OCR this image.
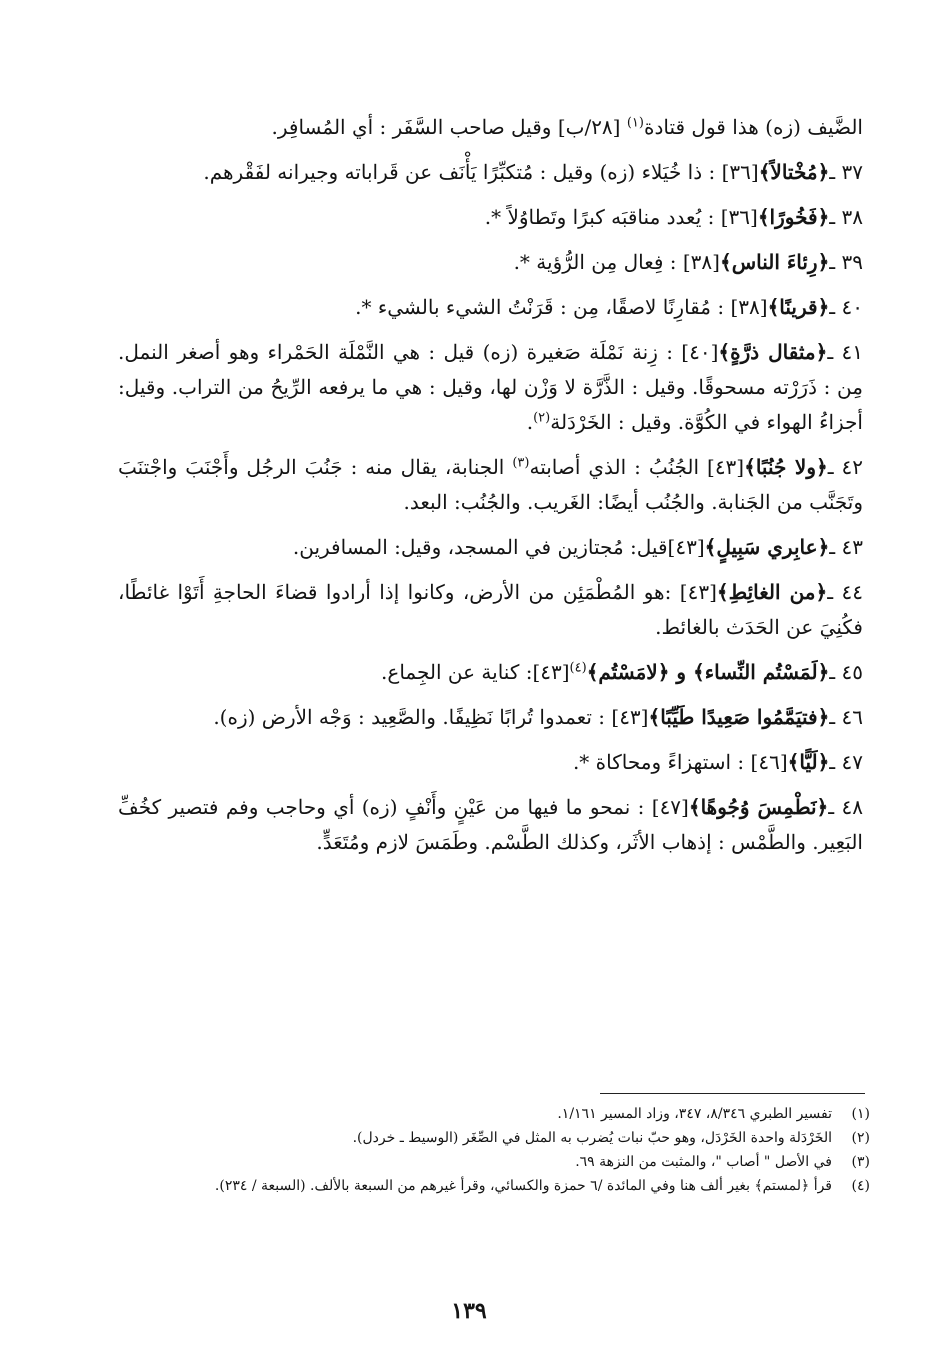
الضَّيف (زه) هذا قول قتادة$^{(١)}$ [٢٨/ب] وقيل صاحب السَّفَر : أي المُسافِر.

٣٧ ـ﴿مُخْتالاً﴾[٣٦] : ذا خُيَلاء (زه) وقيل : مُتكبِّرًا يَأْنَف عن قَراباته وجيرانه لفَقْرهم.

٣٨ ـ﴿فَخُورًا﴾[٣٦] : يُعدد مناقبَه كبرًا وتَطاوُلاً *.

٣٩ ـ﴿رِئاءَ الناس﴾[٣٨] : فِعال مِن الرُّؤية *.

٤٠ ـ﴿قرينًا﴾[٣٨] : مُقارِنًا لاصقًا، مِن : قَرَنْتُ الشيء بالشيء *.

٤١ ـ﴿مثقال ذرَّةٍ﴾[٤٠] : زِنة نَمْلَة صَغيرة (زه) قيل : هي النَّمْلَة الحَمْراء وهو أصغر النمل. مِن : ذَرَرْته مسحوقًا. وقيل : الذَّرَّة لا وَزْن لها، وقيل : هي ما يرفعه الرِّيحُ من التراب. وقيل: أجزاءُ الهواء في الكُوَّة. وقيل : الخَرْدَلة$^{(٢)}$.

٤٢ ـ﴿ولا جُنُبًا﴾[٤٣] الجُنُبُ : الذي أصابته$^{(٣)}$ الجنابة، يقال منه : جَنُبَ الرجُل وأَجْنَبَ واجْتنَبَ وتَجَنَّب من الجَنابة. والجُنُب أيضًا: الغَريب. والجُنُب: البعد.

٤٣ ـ﴿عابِري سَبِيلٍ﴾[٤٣]قيل: مُجتازين في المسجد، وقيل: المسافرين.

٤٤ ـ﴿من الغائِطِ﴾[٤٣] :هو المُطْمَئِن من الأرض، وكانوا إذا أرادوا قضاءَ الحاجةِ أَتَوْا غائطًا، فكُنِيَ عن الحَدَث بالغائط.

٤٥ ـ﴿لَمَسْتُم النِّساء﴾ و ﴿لامَسْتُم﴾$^{(٤)}$[٤٣]: كناية عن الجِماع.

٤٦ ـ﴿فتيَمَّمُوا صَعِيدًا طَيِّبًا﴾[٤٣] : تعمدوا تُرابًا نَظِيفًا. والصَّعِيد : وَجْه الأرض (زه).

٤٧ ـ﴿لَيًّا﴾[٤٦] : استهزاءً ومحاكاة *.

٤٨ ـ﴿نَطْمِسَ وُجُوهًا﴾[٤٧] : نمحو ما فيها من عَيْنٍ وأَنْفٍ (زه) أي وحاجب وفم فتصير كخُفِّ البَعِير. والطَّمْس : إذهاب الأثَر، وكذلك الطَّسْم. وطَمَسَ لازم ومُتَعَدٍّ.

(١)
تفسير الطبري ٨/٣٤٦، ٣٤٧، وزاد المسير ١/١٦١.
(٢)
الخَرْدَلة واحدة الخَرْدَل، وهو حبّ نبات يُضرب به المثل في الصِّغَر (الوسيط ـ خردل).
(٣)
في الأصل " أصاب "، والمثبت من النزهة ٦٩.
(٤)
قرأ ﴿لمستم﴾ بغير ألف هنا وفي المائدة /٦ حمزة والكسائي، وقرأ غيرهم من السبعة بالألف. (السبعة / ٢٣٤).
١٣٩
